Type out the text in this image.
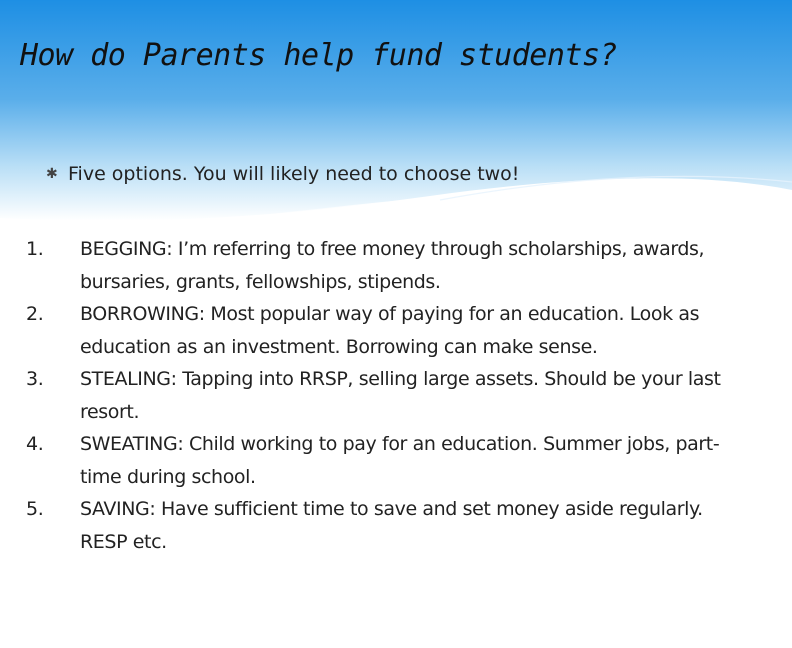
How do Parents help fund students?
✱ Five options. You will likely need to choose two!
1.	BEGGING: I’m referring to free money through scholarships, awards, bursaries, grants, fellowships, stipends.
2.	BORROWING: Most popular way of paying for an education. Look as education as an investment. Borrowing can make sense.
3.	STEALING: Tapping into RRSP, selling large assets. Should be your last resort.
4.	SWEATING: Child working to pay for an education. Summer jobs, part-time during school.
5.	SAVING: Have sufficient time to save and set money aside regularly. RESP etc.
